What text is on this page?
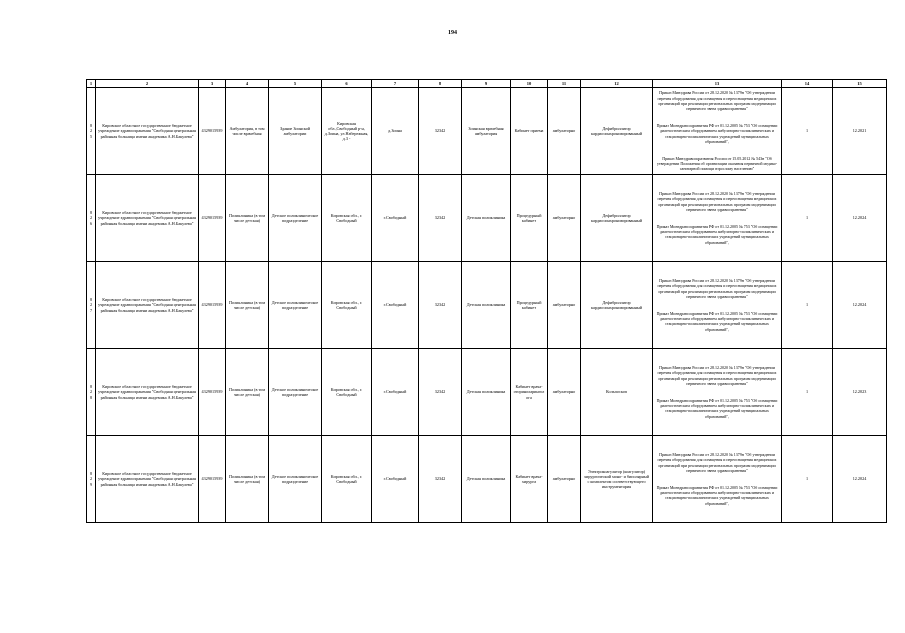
194
1	2	3	4	5	6	7	8	9	10	11	12	13	14	15
825	Кировское областное государственное бюджетное учреждение здравоохранения "Свободная центральная районная больница имени академика А.Н.Бакулева"	4329015939	Амбулатория, в том числе врачебная	Здание Зоинской амбулатории	Кировская обл.,Свободный р-н, д.Зоина, ул.Набережная, д.3 -	д.Зоина	32342	Зоинская врачебная амбулатория	Кабинет приема	амбулаторно	Дефибриллятор кардиосинхронизированный	Приказ Минздрава России от 28.12.2020 № 1379н "Об утверждении перечня оборудования для оснащения и переоснащения медицинских организаций при реализации региональных программ модернизации первичного звена здравоохранения"
Приказ Минздравсоцразвития РФ от 01.12.2005 № 753 "Об оснащении диагностическим оборудованием амбулаторно-поликлинических и стационарно-поликлинических учреждений муниципальных образований",
Приказ Минздравсоцразвития России от 15.05.2012 № 543н "Об утверждении Положения об организации оказания первичной медико-санитарной помощи взрослому населению"	1	12.2021
826	Кировское областное государственное бюджетное учреждение здравоохранения "Свободная центральная районная больница имени академика А.Н.Бакулева"	4329015939	Поликлиника (в том числе детская)	Детское поликлиническое подразделение	Кировская обл., г. Свободный	г.Свободный	32342	Детская поликлиника	Процедурный кабинет	амбулаторно	Дефибриллятор кардиосинхронизированный	Приказ Минздрава России от 28.12.2020 № 1379н "Об утверждении перечня оборудования для оснащения и переоснащения медицинских организаций при реализации региональных программ модернизации первичного звена здравоохранения"
Приказ Минздравсоцразвития РФ от 01.12.2005 № 753 "Об оснащении диагностическим оборудованием амбулаторно-поликлинических и стационарно-поликлинических учреждений муниципальных образований",	1	12.2024
827	Кировское областное государственное бюджетное учреждение здравоохранения "Свободная центральная районная больница имени академика А.Н.Бакулева"	4329015939	Поликлиника (в том числе детская)	Детское поликлиническое подразделение	Кировская обл., г. Свободный	г.Свободный	32342	Детская поликлиника	Процедурный кабинет	амбулаторно	Дефибриллятор кардиосинхронизированный	Приказ Минздрава России от 28.12.2020 № 1379н "Об утверждении перечня оборудования для оснащения и переоснащения медицинских организаций при реализации региональных программ модернизации первичного звена здравоохранения"
Приказ Минздравсоцразвития РФ от 01.12.2005 № 753 "Об оснащении диагностическим оборудованием амбулаторно-поликлинических и стационарно-поликлинических учреждений муниципальных образований",	1	12.2024
828	Кировское областное государственное бюджетное учреждение здравоохранения "Свободная центральная районная больница имени академика А.Н.Бакулева"	4329015939	Поликлиника (в том числе детская)	Детское поликлиническое подразделение	Кировская обл., г. Свободный	г.Свободный	32342	Детская поликлиника	Кабинет врача-оториноларинголога	амбулаторно	Кольпоскоп	Приказ Минздрава России от 28.12.2020 № 1379н "Об утверждении перечня оборудования для оснащения и переоснащения медицинских организаций при реализации региональных программ модернизации первичного звена здравоохранения"
Приказ Минздравсоцразвития РФ от 01.12.2005 № 753 "Об оснащении диагностическим оборудованием амбулаторно-поликлинических и стационарно-поликлинических учреждений муниципальных образований",	1	12.2023
829	Кировское областное государственное бюджетное учреждение здравоохранения "Свободная центральная районная больница имени академика А.Н.Бакулева"	4329015939	Поликлиника (в том числе детская)	Детское поликлиническое подразделение	Кировская обл., г. Свободный	г.Свободный	32342	Детская поликлиника	Кабинет врача-хирурга	амбулаторно	Электрокоагулятор (коагулятор) хирургический моно- и биполярный с комплектом соответствующего инструментария	Приказ Минздрава России от 28.12.2020 № 1379н "Об утверждении перечня оборудования для оснащения и переоснащения медицинских организаций при реализации региональных программ модернизации первичного звена здравоохранения"
Приказ Минздравсоцразвития РФ от 01.12.2005 № 753 "Об оснащении диагностическим оборудованием амбулаторно-поликлинических и стационарно-поликлинических учреждений муниципальных образований",	1	12.2024
